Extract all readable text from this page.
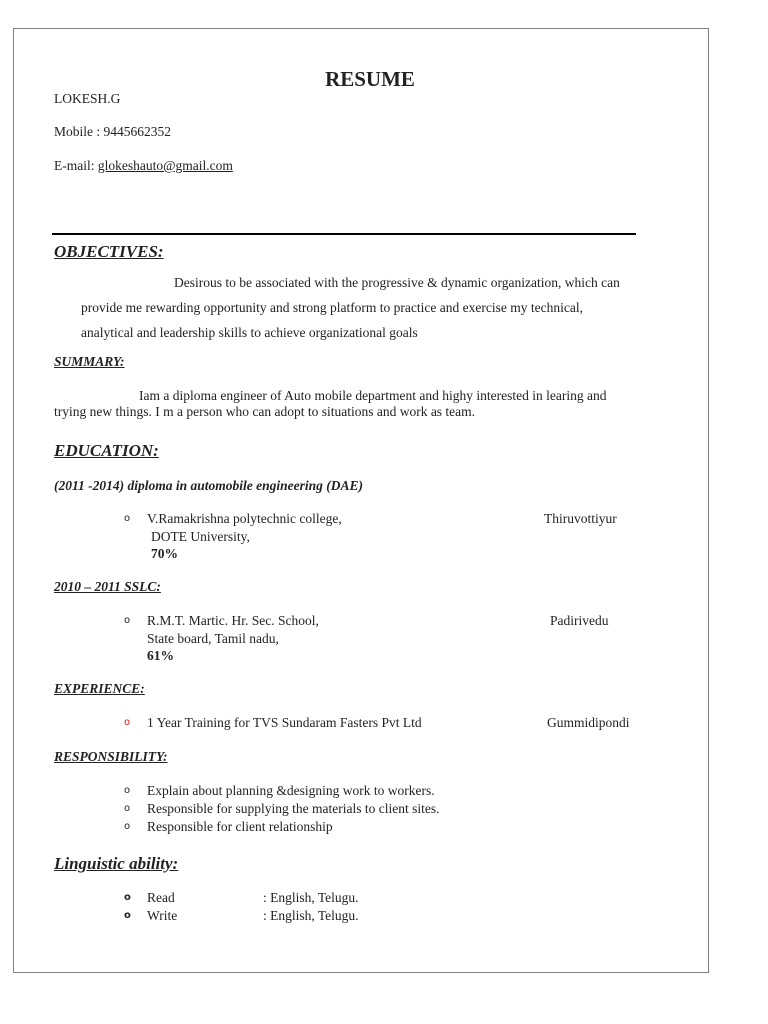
RESUME
LOKESH.G
Mobile : 9445662352
E-mail: glokeshauto@gmail.com
OBJECTIVES:
Desirous to be associated with the progressive & dynamic organization, which can
provide me rewarding opportunity and strong platform to practice and exercise my technical,
analytical and leadership skills to achieve organizational goals
SUMMARY:
Iam a diploma engineer of Auto mobile department and highy interested in learing and
trying new things. I m a person who can adopt to situations and work as team.
EDUCATION:
(2011 -2014) diploma in automobile engineering (DAE)
o V.Ramakrishna polytechnic college,	Thiruvottiyur
DOTE University,
70%
2010 – 2011 SSLC:
o R.M.T. Martic. Hr. Sec. School,	Padirivedu
State board, Tamil nadu,
61%
EXPERIENCE:
o 1 Year Training for TVS Sundaram Fasters Pvt Ltd	Gummidipondi
RESPONSIBILITY:
o Explain about planning &designing work to workers.
o Responsible for supplying the materials to client sites.
o Responsible for client relationship
Linguistic ability:
o Read	: English, Telugu.
o Write	: English, Telugu.
